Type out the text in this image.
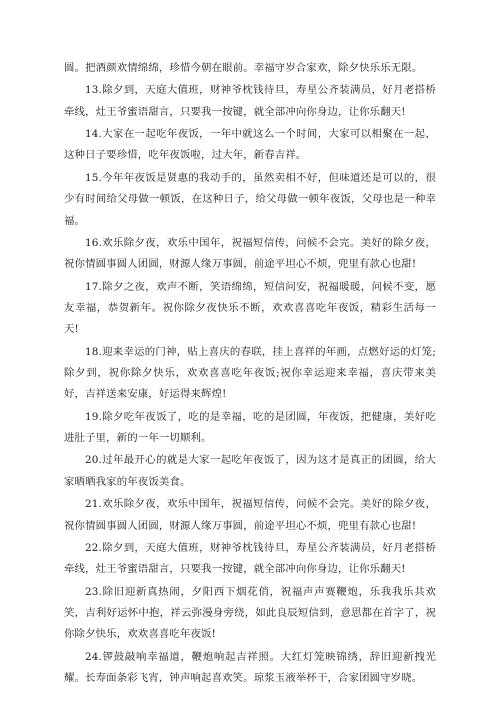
圆。把酒颜欢情绵绵，珍惜今朝在眼前。幸福守岁合家欢，除夕快乐乐无限。

13.除夕到，天庭大值班，财神爷枕钱待旦，寿星公齐装满员，好月老搭桥牵线，灶王爷蜜语甜言，只要我一按键，就全部冲向你身边，让你乐翻天!

14.大家在一起吃年夜饭，一年中就这么一个时间，大家可以相聚在一起，这种日子要珍惜，吃年夜饭啦，过大年，新春吉祥。

15.今年年夜饭是贤惠的我动手的，虽然卖相不好，但味道还是可以的，很少有时间给父母做一顿饭，在这种日子，给父母做一顿年夜饭，父母也是一种幸福。

16.欢乐除夕夜，欢乐中国年，祝福短信传，问候不会完。美好的除夕夜，祝你情圆事圆人团圆，财源人缘万事圆，前途平坦心不烦，兜里有款心也甜!

17.除夕之夜，欢声不断，笑语绵绵，短信问安，祝福暖暖，问候不变，愿友幸福，恭贺新年。祝你除夕夜快乐不断，欢欢喜喜吃年夜饭，精彩生活每一天!

18.迎来幸运的门神，贴上喜庆的春联，挂上喜祥的年画，点燃好运的灯笼;除夕到，祝你除夕快乐，欢欢喜喜吃年夜饭;祝你幸运迎来幸福，喜庆带来美好，吉祥送来安康，好运得来辉煌!

19.除夕吃年夜饭了，吃的是幸福，吃的是团圆，年夜饭，把健康，美好吃进肚子里，新的一年一切顺利。

20.过年最开心的就是大家一起吃年夜饭了，因为这才是真正的团圆，给大家晒晒我家的年夜饭美食。

21.欢乐除夕夜，欢乐中国年，祝福短信传，问候不会完。美好的除夕夜，祝你情圆事圆人团圆，财源人缘万事圆，前途平坦心不烦，兜里有款心也甜!

22.除夕到，天庭大值班，财神爷枕钱待旦，寿星公齐装满员，好月老搭桥牵线，灶王爷蜜语甜言，只要我一按键，就全部冲向你身边，让你乐翻天!

23.除旧迎新真热闹，夕阳西下烟花俏，祝福声声赛鞭炮，乐我我乐共欢笑，吉利好运怀中抱，祥云弥漫身旁绕，如此良辰短信到，意思都在首字了，祝你除夕快乐，欢欢喜喜吃年夜饭!

24.锣鼓敲响幸福道，鞭炮响起吉祥照。大红灯笼映锦绣，辞旧迎新拽光耀。长寿面条彩飞宵，钟声响起喜欢笑。琼浆玉液举杯干，合家团圆守岁晓。
